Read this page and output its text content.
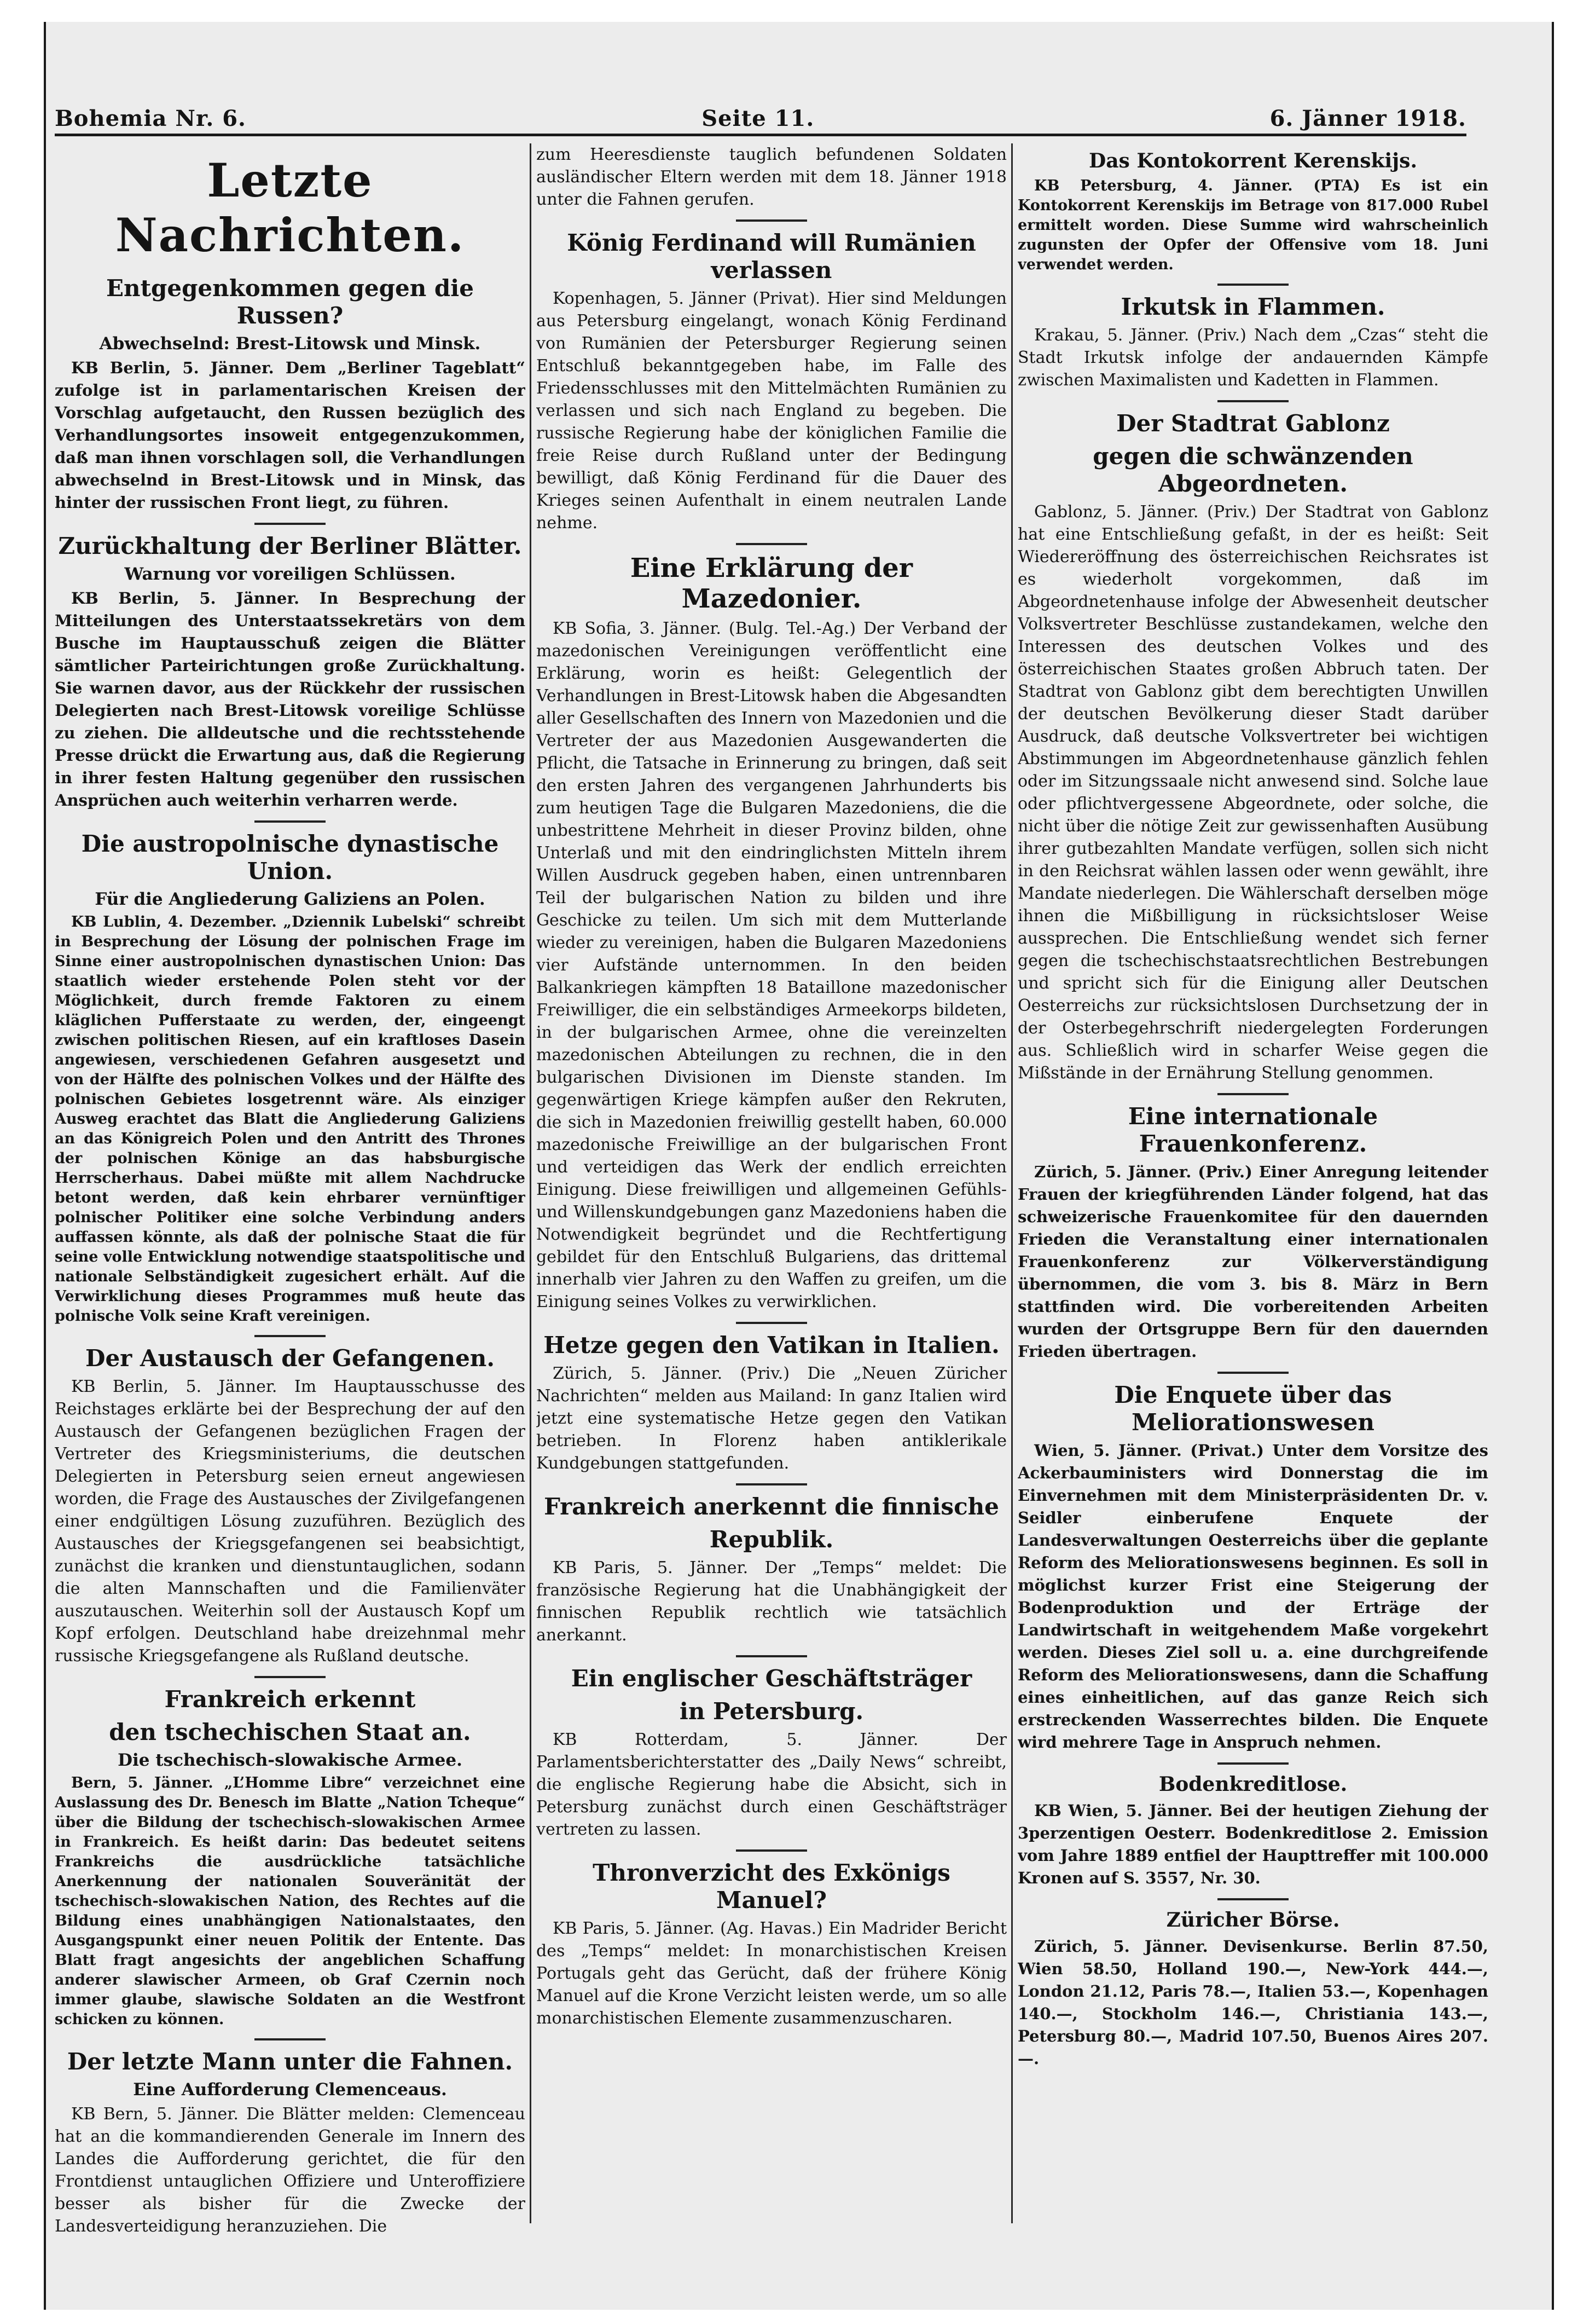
Bohemia Nr. 6.	Seite 11.	6. Jänner 1918.
Letzte Nachrichten.
Entgegenkommen gegen die Russen?
Abwechselnd: Brest-Litowsk und Minsk.

KB Berlin, 5. Jänner. Dem „Berliner Tageblatt“ zufolge ist in parlamentarischen Kreisen der Vorschlag aufgetaucht, den Russen bezüglich des Verhandlungsortes insoweit entgegenzukommen, daß man ihnen vorschlagen soll, die Verhandlungen abwechselnd in Brest-Litowsk und in Minsk, das hinter der russischen Front liegt, zu führen.

Zurückhaltung der Berliner Blätter.
Warnung vor voreiligen Schlüssen.

KB Berlin, 5. Jänner. In Besprechung der Mitteilungen des Unterstaatssekretärs von dem Busche im Hauptausschuß zeigen die Blätter sämtlicher Parteirichtungen große Zurückhaltung. Sie warnen davor, aus der Rückkehr der russischen Delegierten nach Brest-Litowsk voreilige Schlüsse zu ziehen. Die alldeutsche und die rechtsstehende Presse drückt die Erwartung aus, daß die Regierung in ihrer festen Haltung gegenüber den russischen Ansprüchen auch weiterhin verharren werde.

Die austropolnische dynastische Union.
Für die Angliederung Galiziens an Polen.

KB Lublin, 4. Dezember. „Dziennik Lubelski“ schreibt in Besprechung der Lösung der polnischen Frage im Sinne einer austropolnischen dynastischen Union: Das staatlich wieder erstehende Polen steht vor der Möglichkeit, durch fremde Faktoren zu einem kläglichen Pufferstaate zu werden, der, eingeengt zwischen politischen Riesen, auf ein kraftloses Dasein angewiesen, verschiedenen Gefahren ausgesetzt und von der Hälfte des polnischen Volkes und der Hälfte des polnischen Gebietes losgetrennt wäre. Als einziger Ausweg erachtet das Blatt die Angliederung Galiziens an das Königreich Polen und den Antritt des Thrones der polnischen Könige an das habsburgische Herrscherhaus. Dabei müßte mit allem Nachdrucke betont werden, daß kein ehrbarer vernünftiger polnischer Politiker eine solche Verbindung anders auffassen könnte, als daß der polnische Staat die für seine volle Entwicklung notwendige staatspolitische und nationale Selbständigkeit zugesichert erhält. Auf die Verwirklichung dieses Programmes muß heute das polnische Volk seine Kraft vereinigen.

Der Austausch der Gefangenen.

KB Berlin, 5. Jänner. Im Hauptausschusse des Reichstages erklärte bei der Besprechung der auf den Austausch der Gefangenen bezüglichen Fragen der Vertreter des Kriegsministeriums, die deutschen Delegierten in Petersburg seien erneut angewiesen worden, die Frage des Austausches der Zivilgefangenen einer endgültigen Lösung zuzuführen. Bezüglich des Austausches der Kriegsgefangenen sei beabsichtigt, zunächst die kranken und dienstuntauglichen, sodann die alten Mannschaften und die Familienväter auszutauschen. Weiterhin soll der Austausch Kopf um Kopf erfolgen. Deutschland habe dreizehnmal mehr russische Kriegsgefangene als Rußland deutsche.

Frankreich erkennt
den tschechischen Staat an.
Die tschechisch-slowakische Armee.

Bern, 5. Jänner. „L’Homme Libre“ verzeichnet eine Auslassung des Dr. Benesch im Blatte „Nation Tcheque“ über die Bildung der tschechisch-slowakischen Armee in Frankreich. Es heißt darin: Das bedeutet seitens Frankreichs die ausdrückliche tatsächliche Anerkennung der nationalen Souveränität der tschechisch-slowakischen Nation, des Rechtes auf die Bildung eines unabhängigen Nationalstaates, den Ausgangspunkt einer neuen Politik der Entente. Das Blatt fragt angesichts der angeblichen Schaffung anderer slawischer Armeen, ob Graf Czernin noch immer glaube, slawische Soldaten an die Westfront schicken zu können.

Der letzte Mann unter die Fahnen.
Eine Aufforderung Clemenceaus.

KB Bern, 5. Jänner. Die Blätter melden: Clemenceau hat an die kommandierenden Generale im Innern des Landes die Aufforderung gerichtet, die für den Frontdienst untauglichen Offiziere und Unteroffiziere besser als bisher für die Zwecke der Landesverteidigung heranzuziehen. Die

zum Heeresdienste tauglich befundenen Soldaten ausländischer Eltern werden mit dem 18. Jänner 1918 unter die Fahnen gerufen.

König Ferdinand will Rumänien verlassen

Kopenhagen, 5. Jänner (Privat). Hier sind Meldungen aus Petersburg eingelangt, wonach König Ferdinand von Rumänien der Petersburger Regierung seinen Entschluß bekanntgegeben habe, im Falle des Friedensschlusses mit den Mittelmächten Rumänien zu verlassen und sich nach England zu begeben. Die russische Regierung habe der königlichen Familie die freie Reise durch Rußland unter der Bedingung bewilligt, daß König Ferdinand für die Dauer des Krieges seinen Aufenthalt in einem neutralen Lande nehme.

Eine Erklärung der Mazedonier.

KB Sofia, 3. Jänner. (Bulg. Tel.-Ag.) Der Verband der mazedonischen Vereinigungen veröffentlicht eine Erklärung, worin es heißt: Gelegentlich der Verhandlungen in Brest-Litowsk haben die Abgesandten aller Gesellschaften des Innern von Mazedonien und die Vertreter der aus Mazedonien Ausgewanderten die Pflicht, die Tatsache in Erinnerung zu bringen, daß seit den ersten Jahren des vergangenen Jahrhunderts bis zum heutigen Tage die Bulgaren Mazedoniens, die die unbestrittene Mehrheit in dieser Provinz bilden, ohne Unterlaß und mit den eindringlichsten Mitteln ihrem Willen Ausdruck gegeben haben, einen untrennbaren Teil der bulgarischen Nation zu bilden und ihre Geschicke zu teilen. Um sich mit dem Mutterlande wieder zu vereinigen, haben die Bulgaren Mazedoniens vier Aufstände unternommen. In den beiden Balkankriegen kämpften 18 Bataillone mazedonischer Freiwilliger, die ein selbständiges Armeekorps bildeten, in der bulgarischen Armee, ohne die vereinzelten mazedonischen Abteilungen zu rechnen, die in den bulgarischen Divisionen im Dienste standen. Im gegenwärtigen Kriege kämpfen außer den Rekruten, die sich in Mazedonien freiwillig gestellt haben, 60.000 mazedonische Freiwillige an der bulgarischen Front und verteidigen das Werk der endlich erreichten Einigung. Diese freiwilligen und allgemeinen Gefühls- und Willenskundgebungen ganz Mazedoniens haben die Notwendigkeit begründet und die Rechtfertigung gebildet für den Entschluß Bulgariens, das drittemal innerhalb vier Jahren zu den Waffen zu greifen, um die Einigung seines Volkes zu verwirklichen.

Hetze gegen den Vatikan in Italien.

Zürich, 5. Jänner. (Priv.) Die „Neuen Züricher Nachrichten“ melden aus Mailand: In ganz Italien wird jetzt eine systematische Hetze gegen den Vatikan betrieben. In Florenz haben antiklerikale Kundgebungen stattgefunden.

Frankreich anerkennt die finnische
Republik.

KB Paris, 5. Jänner. Der „Temps“ meldet: Die französische Regierung hat die Unabhängigkeit der finnischen Republik rechtlich wie tatsächlich anerkannt.

Ein englischer Geschäftsträger
in Petersburg.

KB Rotterdam, 5. Jänner. Der Parlamentsberichterstatter des „Daily News“ schreibt, die englische Regierung habe die Absicht, sich in Petersburg zunächst durch einen Geschäftsträger vertreten zu lassen.

Thronverzicht des Exkönigs Manuel?

KB Paris, 5. Jänner. (Ag. Havas.) Ein Madrider Bericht des „Temps“ meldet: In monarchistischen Kreisen Portugals geht das Gerücht, daß der frühere König Manuel auf die Krone Verzicht leisten werde, um so alle monarchistischen Elemente zusammenzuscharen.

Das Kontokorrent Kerenskijs.

KB Petersburg, 4. Jänner. (PTA) Es ist ein Kontokorrent Kerenskijs im Betrage von 817.000 Rubel ermittelt worden. Diese Summe wird wahrscheinlich zugunsten der Opfer der Offensive vom 18. Juni verwendet werden.

Irkutsk in Flammen.

Krakau, 5. Jänner. (Priv.) Nach dem „Czas“ steht die Stadt Irkutsk infolge der andauernden Kämpfe zwischen Maximalisten und Kadetten in Flammen.

Der Stadtrat Gablonz
gegen die schwänzenden Abgeordneten.

Gablonz, 5. Jänner. (Priv.) Der Stadtrat von Gablonz hat eine Entschließung gefaßt, in der es heißt: Seit Wiedereröffnung des österreichischen Reichsrates ist es wiederholt vorgekommen, daß im Abgeordnetenhause infolge der Abwesenheit deutscher Volksvertreter Beschlüsse zustandekamen, welche den Interessen des deutschen Volkes und des österreichischen Staates großen Abbruch taten. Der Stadtrat von Gablonz gibt dem berechtigten Unwillen der deutschen Bevölkerung dieser Stadt darüber Ausdruck, daß deutsche Volksvertreter bei wichtigen Abstimmungen im Abgeordnetenhause gänzlich fehlen oder im Sitzungssaale nicht anwesend sind. Solche laue oder pflichtvergessene Abgeordnete, oder solche, die nicht über die nötige Zeit zur gewissenhaften Ausübung ihrer gutbezahlten Mandate verfügen, sollen sich nicht in den Reichsrat wählen lassen oder wenn gewählt, ihre Mandate niederlegen. Die Wählerschaft derselben möge ihnen die Mißbilligung in rücksichtsloser Weise aussprechen. Die Entschließung wendet sich ferner gegen die tschechischstaatsrechtlichen Bestrebungen und spricht sich für die Einigung aller Deutschen Oesterreichs zur rücksichtslosen Durchsetzung der in der Osterbegehrschrift niedergelegten Forderungen aus. Schließlich wird in scharfer Weise gegen die Mißstände in der Ernährung Stellung genommen.

Eine internationale Frauenkonferenz.

Zürich, 5. Jänner. (Priv.) Einer Anregung leitender Frauen der kriegführenden Länder folgend, hat das schweizerische Frauenkomitee für den dauernden Frieden die Veranstaltung einer internationalen Frauenkonferenz zur Völkerverständigung übernommen, die vom 3. bis 8. März in Bern stattfinden wird. Die vorbereitenden Arbeiten wurden der Ortsgruppe Bern für den dauernden Frieden übertragen.

Die Enquete über das Meliorationswesen

Wien, 5. Jänner. (Privat.) Unter dem Vorsitze des Ackerbauministers wird Donnerstag die im Einvernehmen mit dem Ministerpräsidenten Dr. v. Seidler einberufene Enquete der Landesverwaltungen Oesterreichs über die geplante Reform des Meliorationswesens beginnen. Es soll in möglichst kurzer Frist eine Steigerung der Bodenproduktion und der Erträge der Landwirtschaft in weitgehendem Maße vorgekehrt werden. Dieses Ziel soll u. a. eine durchgreifende Reform des Meliorationswesens, dann die Schaffung eines einheitlichen, auf das ganze Reich sich erstreckenden Wasserrechtes bilden. Die Enquete wird mehrere Tage in Anspruch nehmen.

Bodenkreditlose.

KB Wien, 5. Jänner. Bei der heutigen Ziehung der 3perzentigen Oesterr. Bodenkreditlose 2. Emission vom Jahre 1889 entfiel der Haupttreffer mit 100.000 Kronen auf S. 3557, Nr. 30.

Züricher Börse.

Zürich, 5. Jänner. Devisenkurse. Berlin 87.50, Wien 58.50, Holland 190.—, New-York 444.—, London 21.12, Paris 78.—, Italien 53.—, Kopenhagen 140.—, Stockholm 146.—, Christiania 143.—, Petersburg 80.—, Madrid 107.50, Buenos Aires 207.—.
